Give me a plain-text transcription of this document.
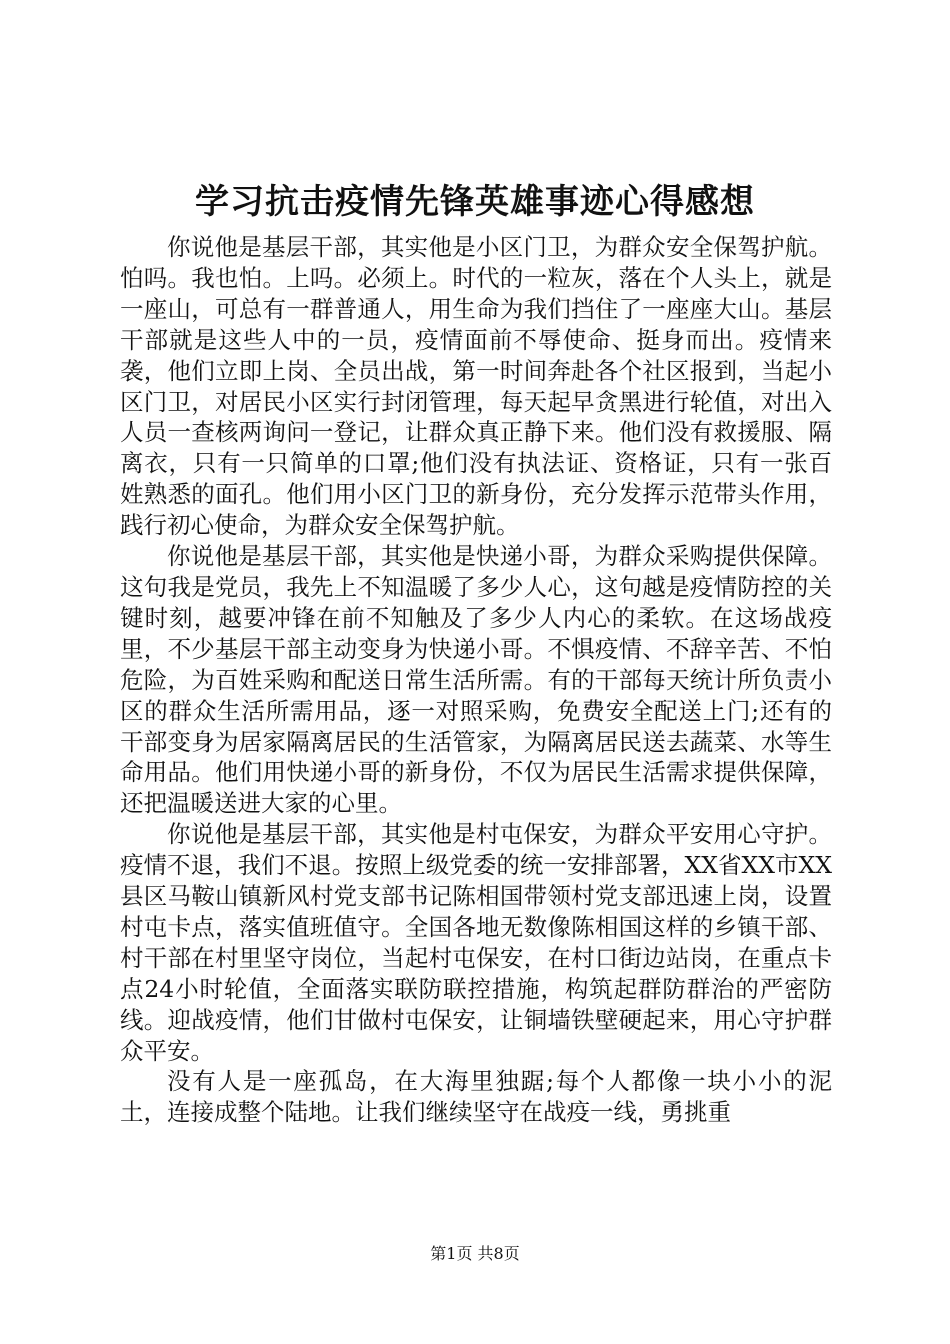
学习抗击疫情先锋英雄事迹心得感想

你说他是基层干部，其实他是小区门卫，为群众安全保驾护航。怕吗。我也怕。上吗。必须上。时代的一粒灰，落在个人头上，就是一座山，可总有一群普通人，用生命为我们挡住了一座座大山。基层干部就是这些人中的一员，疫情面前不辱使命、挺身而出。疫情来袭，他们立即上岗、全员出战，第一时间奔赴各个社区报到，当起小区门卫，对居民小区实行封闭管理，每天起早贪黑进行轮值，对出入人员一查核两询问一登记，让群众真正静下来。他们没有救援服、隔离衣，只有一只简单的口罩;他们没有执法证、资格证，只有一张百姓熟悉的面孔。他们用小区门卫的新身份，充分发挥示范带头作用，践行初心使命，为群众安全保驾护航。

你说他是基层干部，其实他是快递小哥，为群众采购提供保障。这句我是党员，我先上不知温暖了多少人心，这句越是疫情防控的关键时刻，越要冲锋在前不知触及了多少人内心的柔软。在这场战疫里，不少基层干部主动变身为快递小哥。不惧疫情、不辞辛苦、不怕危险，为百姓采购和配送日常生活所需。有的干部每天统计所负责小区的群众生活所需用品，逐一对照采购，免费安全配送上门;还有的干部变身为居家隔离居民的生活管家，为隔离居民送去蔬菜、水等生命用品。他们用快递小哥的新身份，不仅为居民生活需求提供保障，还把温暖送进大家的心里。

你说他是基层干部，其实他是村屯保安，为群众平安用心守护。疫情不退，我们不退。按照上级党委的统一安排部署，XX省XX市XX县区马鞍山镇新风村党支部书记陈相国带领村党支部迅速上岗，设置村屯卡点，落实值班值守。全国各地无数像陈相国这样的乡镇干部、村干部在村里坚守岗位，当起村屯保安，在村口街边站岗，在重点卡点24小时轮值，全面落实联防联控措施，构筑起群防群治的严密防线。迎战疫情，他们甘做村屯保安，让铜墙铁壁硬起来，用心守护群众平安。

没有人是一座孤岛，在大海里独踞;每个人都像一块小小的泥土，连接成整个陆地。让我们继续坚守在战疫一线，勇挑重

第1页 共8页
